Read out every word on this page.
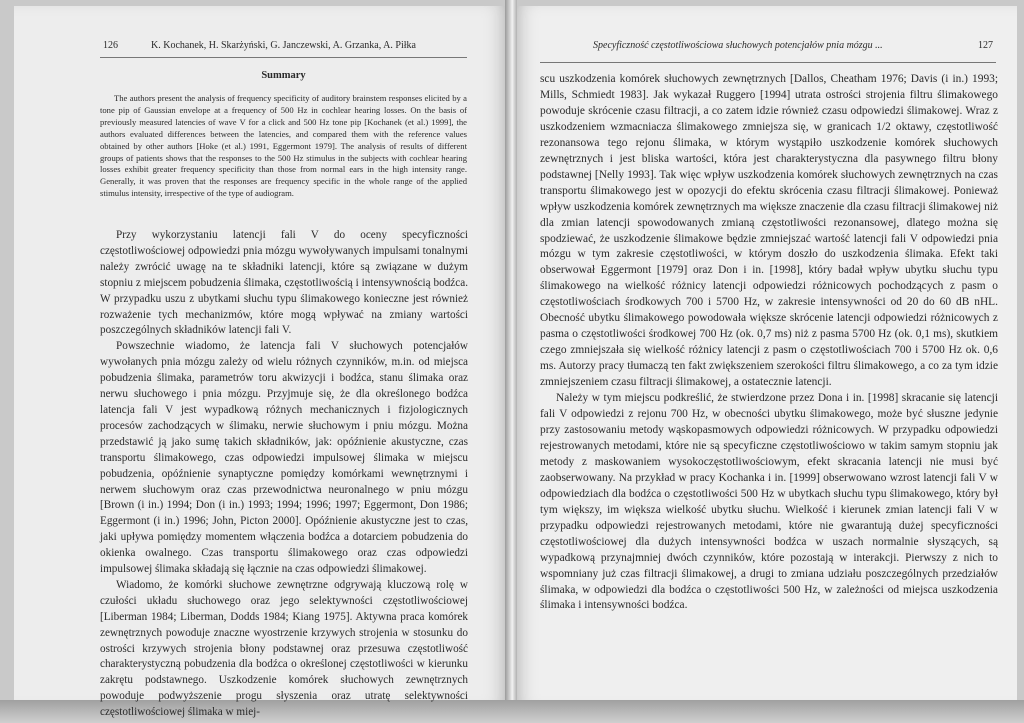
126	K. Kochanek, H. Skarżyński, G. Janczewski, A. Grzanka, A. Piłka
Summary

The authors present the analysis of frequency specificity of auditory brainstem responses elicited by a tone pip of Gaussian envelope at a frequency of 500 Hz in cochlear hearing losses. On the basis of previously measured latencies of wave V for a click and 500 Hz tone pip [Kochanek (et al.) 1999], the authors evaluated differences between the latencies, and compared them with the reference values obtained by other authors [Hoke (et al.) 1991, Eggermont 1979]. The analysis of results of different groups of patients shows that the responses to the 500 Hz stimulus in the subjects with cochlear hearing losses exhibit greater frequency specificity than those from normal ears in the high intensity range. Generally, it was proven that the responses are frequency specific in the whole range of the applied stimulus intensity, irrespective of the type of audiogram.

Przy wykorzystaniu latencji fali V do oceny specyficzności częstotliwościowej odpowiedzi pnia mózgu wywoływanych impulsami tonalnymi należy zwrócić uwagę na te składniki latencji, które są związane w dużym stopniu z miejscem pobudzenia ślimaka, częstotliwością i intensywnością bodźca. W przypadku uszu z ubytkami słuchu typu ślimakowego konieczne jest również rozważenie tych mechanizmów, które mogą wpływać na zmiany wartości poszczególnych składników latencji fali V.

Powszechnie wiadomo, że latencja fali V słuchowych potencjałów wywołanych pnia mózgu zależy od wielu różnych czynników, m.in. od miejsca pobudzenia ślimaka, parametrów toru akwizycji i bodźca, stanu ślimaka oraz nerwu słuchowego i pnia mózgu. Przyjmuje się, że dla określonego bodźca latencja fali V jest wypadkową różnych mechanicznych i fizjologicznych procesów zachodzących w ślimaku, nerwie słuchowym i pniu mózgu. Można przedstawić ją jako sumę takich składników, jak: opóźnienie akustyczne, czas transportu ślimakowego, czas odpowiedzi impulsowej ślimaka w miejscu pobudzenia, opóźnienie synaptyczne pomiędzy komórkami wewnętrznymi i nerwem słuchowym oraz czas przewodnictwa neuronalnego w pniu mózgu [Brown (i in.) 1994; Don (i in.) 1993; 1994; 1996; 1997; Eggermont, Don 1986; Eggermont (i in.) 1996; John, Picton 2000]. Opóźnienie akustyczne jest to czas, jaki upływa pomiędzy momentem włączenia bodźca a dotarciem pobudzenia do okienka owalnego. Czas transportu ślimakowego oraz czas odpowiedzi impulsowej ślimaka składają się łącznie na czas odpowiedzi ślimakowej.

Wiadomo, że komórki słuchowe zewnętrzne odgrywają kluczową rolę w czułości układu słuchowego oraz jego selektywności częstotliwościowej [Liberman 1984; Liberman, Dodds 1984; Kiang 1975]. Aktywna praca komórek zewnętrznych powoduje znaczne wyostrzenie krzywych strojenia w stosunku do ostrości krzywych strojenia błony podstawnej oraz przesuwa częstotliwość charakterystyczną pobudzenia dla bodźca o określonej częstotliwości w kierunku zakrętu podstawnego. Uszkodzenie komórek słuchowych zewnętrznych powoduje podwyższenie progu słyszenia oraz utratę selektywności częstotliwościowej ślimaka w miej-

Specyficzność częstotliwościowa słuchowych potencjałów pnia mózgu ...	127

scu uszkodzenia komórek słuchowych zewnętrznych [Dallos, Cheatham 1976; Davis (i in.) 1993; Mills, Schmiedt 1983]. Jak wykazał Ruggero [1994] utrata ostrości strojenia filtru ślimakowego powoduje skrócenie czasu filtracji, a co zatem idzie również czasu odpowiedzi ślimakowej. Wraz z uszkodzeniem wzmacniacza ślimakowego zmniejsza się, w granicach 1/2 oktawy, częstotliwość rezonansowa tego rejonu ślimaka, w którym wystąpiło uszkodzenie komórek słuchowych zewnętrznych i jest bliska wartości, która jest charakterystyczna dla pasywnego filtru błony podstawnej [Nelly 1993]. Tak więc wpływ uszkodzenia komórek słuchowych zewnętrznych na czas transportu ślimakowego jest w opozycji do efektu skrócenia czasu filtracji ślimakowej. Ponieważ wpływ uszkodzenia komórek zewnętrznych ma większe znaczenie dla czasu filtracji ślimakowej niż dla zmian latencji spowodowanych zmianą częstotliwości rezonansowej, dlatego można się spodziewać, że uszkodzenie ślimakowe będzie zmniejszać wartość latencji fali V odpowiedzi pnia mózgu w tym zakresie częstotliwości, w którym doszło do uszkodzenia ślimaka. Efekt taki obserwował Eggermont [1979] oraz Don i in. [1998], który badał wpływ ubytku słuchu typu ślimakowego na wielkość różnicy latencji odpowiedzi różnicowych pochodzących z pasm o częstotliwościach środkowych 700 i 5700 Hz, w zakresie intensywności od 20 do 60 dB nHL. Obecność ubytku ślimakowego powodowała większe skrócenie latencji odpowiedzi różnicowych z pasma o częstotliwości środkowej 700 Hz (ok. 0,7 ms) niż z pasma 5700 Hz (ok. 0,1 ms), skutkiem czego zmniejszała się wielkość różnicy latencji z pasm o częstotliwościach 700 i 5700 Hz ok. 0,6 ms. Autorzy pracy tłumaczą ten fakt zwiększeniem szerokości filtru ślimakowego, a co za tym idzie zmniejszeniem czasu filtracji ślimakowej, a ostatecznie latencji.

Należy w tym miejscu podkreślić, że stwierdzone przez Dona i in. [1998] skracanie się latencji fali V odpowiedzi z rejonu 700 Hz, w obecności ubytku ślimakowego, może być słuszne jedynie przy zastosowaniu metody wąskopasmowych odpowiedzi różnicowych. W przypadku odpowiedzi rejestrowanych metodami, które nie są specyficzne częstotliwościowo w takim samym stopniu jak metody z maskowaniem wysokoczęstotliwościowym, efekt skracania latencji nie musi być zaobserwowany. Na przykład w pracy Kochanka i in. [1999] obserwowano wzrost latencji fali V w odpowiedziach dla bodźca o częstotliwości 500 Hz w ubytkach słuchu typu ślimakowego, który był tym większy, im większa wielkość ubytku słuchu. Wielkość i kierunek zmian latencji fali V w przypadku odpowiedzi rejestrowanych metodami, które nie gwarantują dużej specyficzności częstotliwościowej dla dużych intensywności bodźca w uszach normalnie słyszących, są wypadkową przynajmniej dwóch czynników, które pozostają w interakcji. Pierwszy z nich to wspomniany już czas filtracji ślimakowej, a drugi to zmiana udziału poszczególnych przedziałów ślimaka, w odpowiedzi dla bodźca o częstotliwości 500 Hz, w zależności od miejsca uszkodzenia ślimaka i intensywności bodźca.
